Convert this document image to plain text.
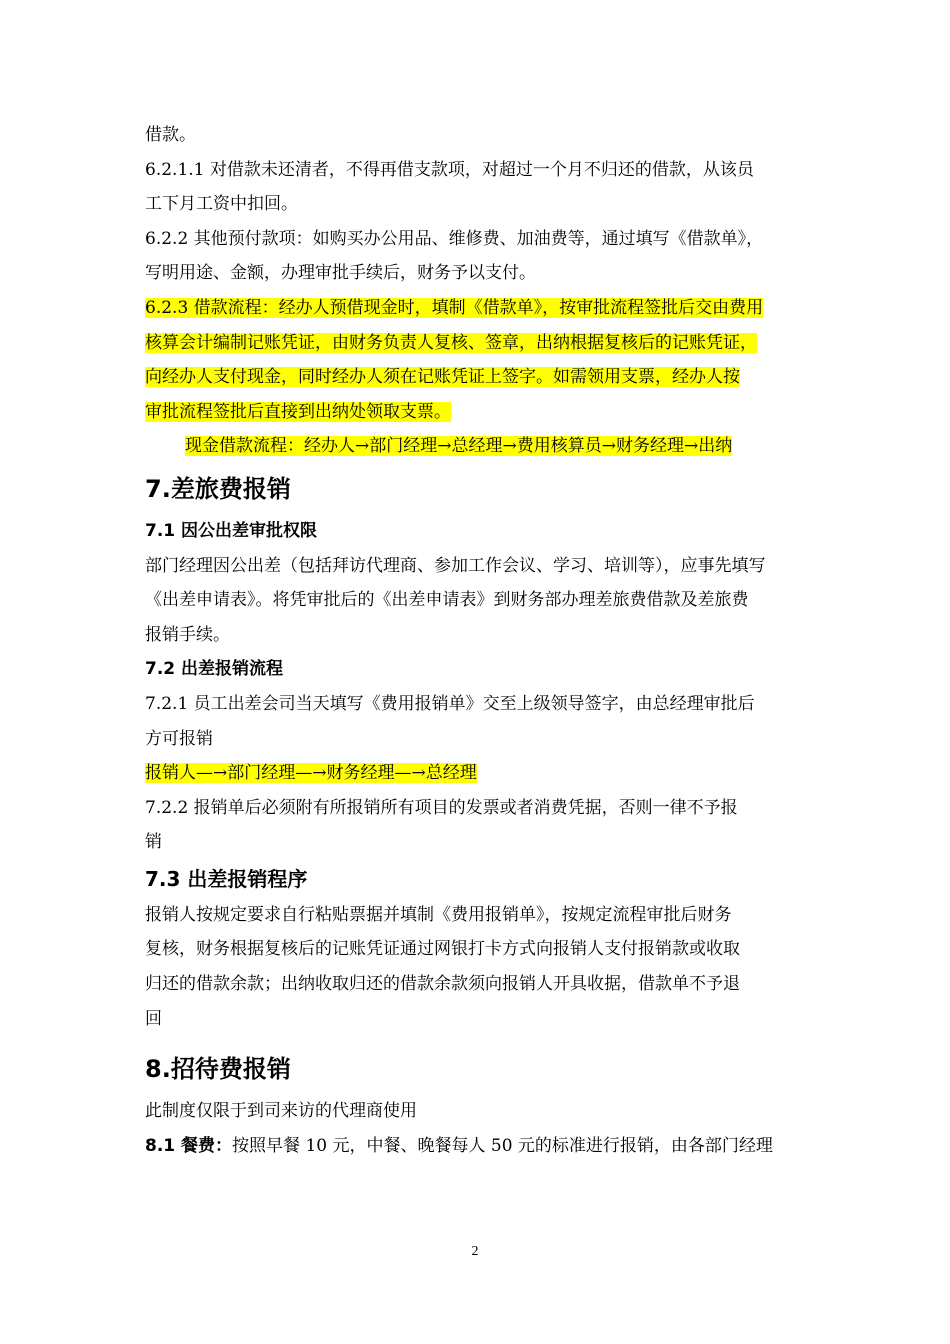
借款。
6.2.1.1 对借款未还清者，不得再借支款项，对超过一个月不归还的借款，从该员
工下月工资中扣回。
6.2.2 其他预付款项：如购买办公用品、维修费、加油费等，通过填写《借款单》，
写明用途、金额，办理审批手续后，财务予以支付。
6.2.3 借款流程：经办人预借现金时，填制《借款单》，按审批流程签批后交由费用
核算会计编制记账凭证，由财务负责人复核、签章，出纳根据复核后的记账凭证，
向经办人支付现金，同时经办人须在记账凭证上签字。如需领用支票，经办人按
审批流程签批后直接到出纳处领取支票。
现金借款流程：经办人→部门经理→总经理→费用核算员→财务经理→出纳
7.差旅费报销
7.1 因公出差审批权限
部门经理因公出差（包括拜访代理商、参加工作会议、学习、培训等），应事先填写
《出差申请表》。将凭审批后的《出差申请表》到财务部办理差旅费借款及差旅费
报销手续。
7.2 出差报销流程
7.2.1 员工出差会司当天填写《费用报销单》交至上级领导签字，由总经理审批后
方可报销
报销人—→部门经理—→财务经理—→总经理
7.2.2 报销单后必须附有所报销所有项目的发票或者消费凭据，否则一律不予报
销
7.3 出差报销程序
报销人按规定要求自行粘贴票据并填制《费用报销单》，按规定流程审批后财务
复核，财务根据复核后的记账凭证通过网银打卡方式向报销人支付报销款或收取
归还的借款余款；出纳收取归还的借款余款须向报销人开具收据，借款单不予退
回
8.招待费报销
此制度仅限于到司来访的代理商使用
8.1 餐费：按照早餐 10 元，中餐、晚餐每人 50 元的标准进行报销，由各部门经理
2
